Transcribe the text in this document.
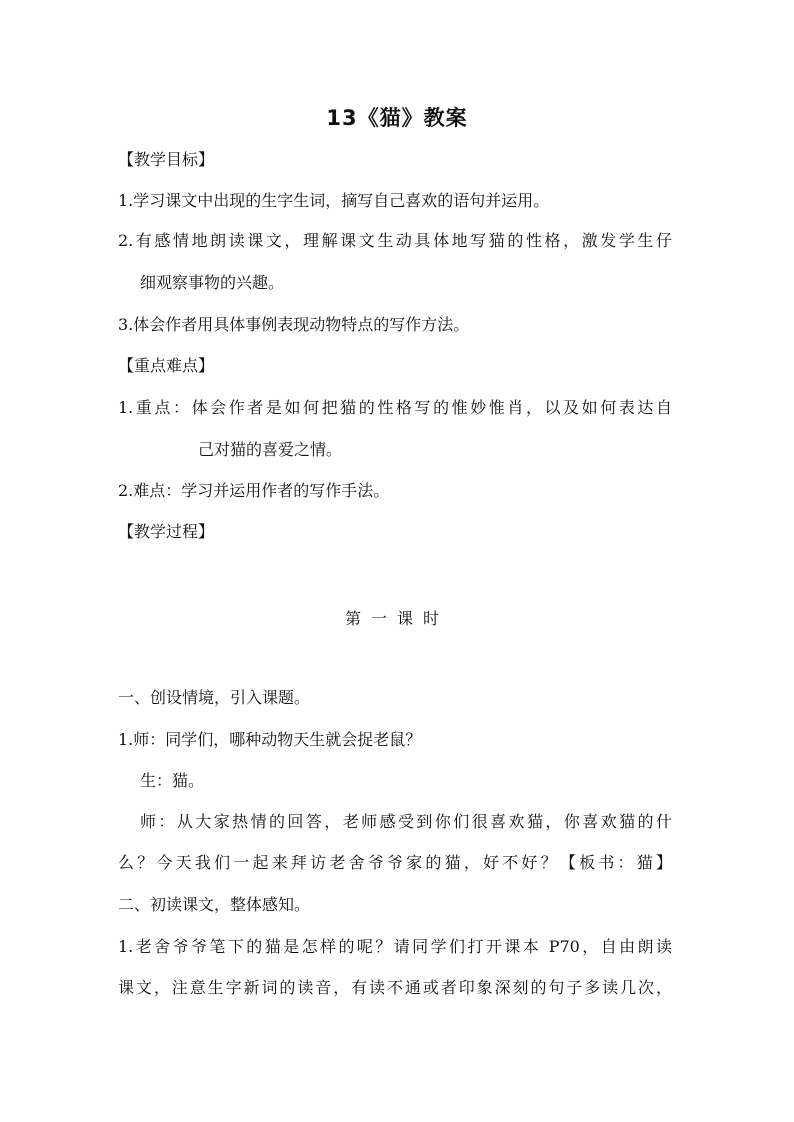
13《猫》教案
【教学目标】
1.学习课文中出现的生字生词，摘写自己喜欢的语句并运用。
2.有感情地朗读课文，理解课文生动具体地写猫的性格，激发学生仔
细观察事物的兴趣。
3.体会作者用具体事例表现动物特点的写作方法。
【重点难点】
1.重点：体会作者是如何把猫的性格写的惟妙惟肖，以及如何表达自
己对猫的喜爱之情。
2.难点：学习并运用作者的写作手法。
【教学过程】
第一课时
一、创设情境，引入课题。
1.师：同学们，哪种动物天生就会捉老鼠？
生：猫。
师：从大家热情的回答，老师感受到你们很喜欢猫，你喜欢猫的什
么？今天我们一起来拜访老舍爷爷家的猫，好不好？【板书：猫】
二、初读课文，整体感知。
1.老舍爷爷笔下的猫是怎样的呢？请同学们打开课本 P70，自由朗读
课文，注意生字新词的读音，有读不通或者印象深刻的句子多读几次，
